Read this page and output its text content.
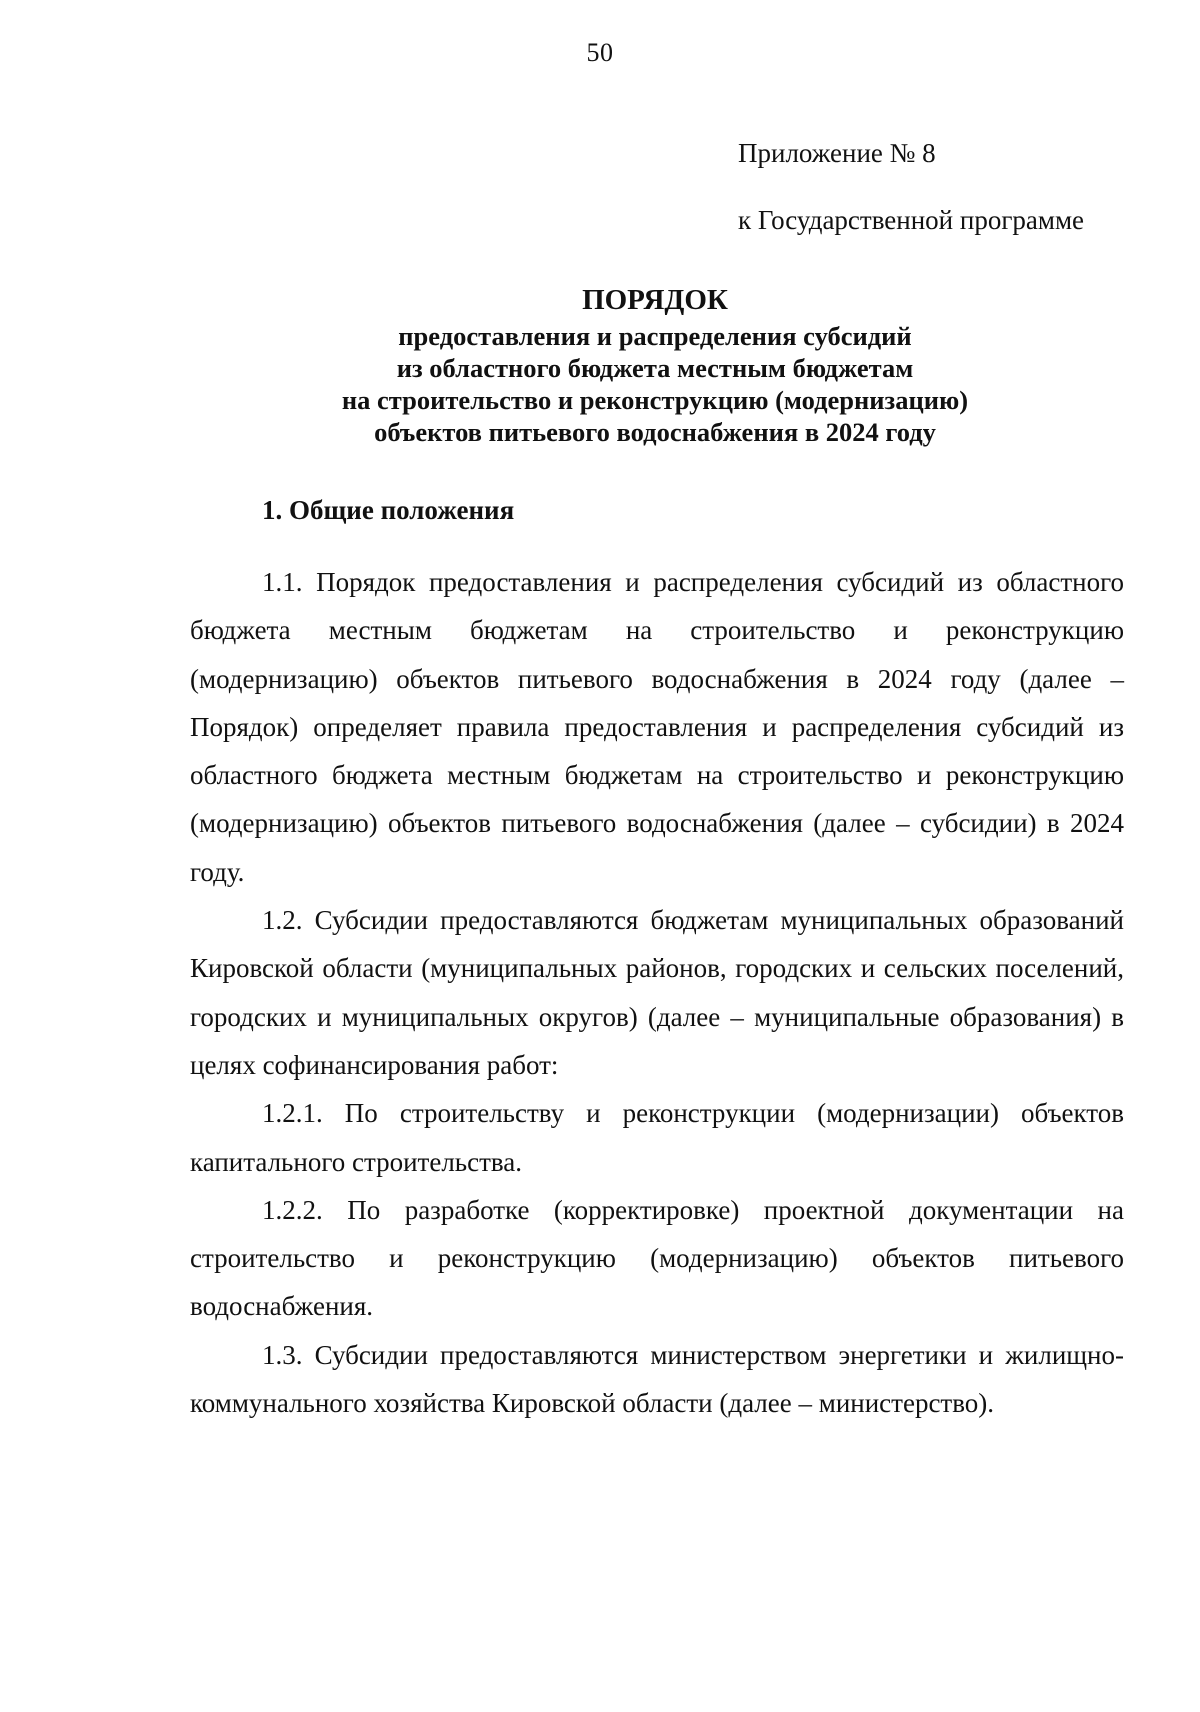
50
Приложение № 8
к Государственной программе

ПОРЯДОК

предоставления и распределения субсидий

из областного бюджета местным бюджетам

на строительство и реконструкцию (модернизацию)

объектов питьевого водоснабжения в 2024 году

1. Общие положения

1.1. Порядок предоставления и распределения субсидий из областного бюджета местным бюджетам на строительство и реконструкцию (модернизацию) объектов питьевого водоснабжения в 2024 году (далее – Порядок) определяет правила предоставления и распределения субсидий из областного бюджета местным бюджетам на строительство и реконструкцию (модернизацию) объектов питьевого водоснабжения (далее – субсидии) в 2024 году.

1.2. Субсидии предоставляются бюджетам муниципальных образований Кировской области (муниципальных районов, городских и сельских поселений, городских и муниципальных округов) (далее – муниципальные образования) в целях софинансирования работ:

1.2.1. По строительству и реконструкции (модернизации) объектов капитального строительства.

1.2.2. По разработке (корректировке) проектной документации на строительство и реконструкцию (модернизацию) объектов питьевого водоснабжения.

1.3. Субсидии предоставляются министерством энергетики и жилищно-коммунального хозяйства Кировской области (далее – министерство).
